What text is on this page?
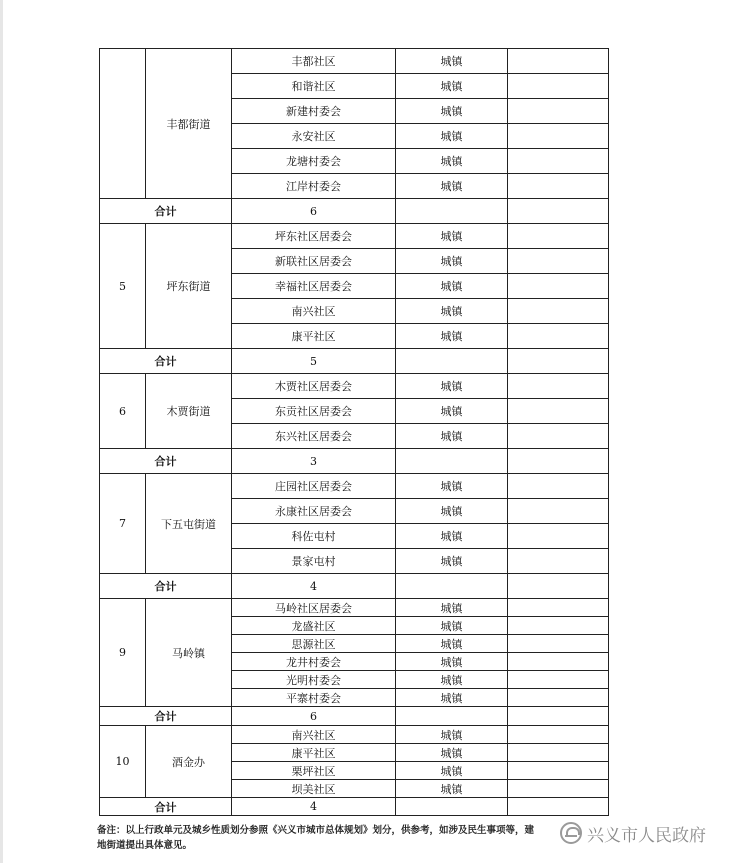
	丰都街道	丰都社区	城镇	
		和谐社区	城镇	
		新建村委会	城镇	
		永安社区	城镇	
		龙塘村委会	城镇	
		江岸村委会	城镇	
合计		6		
5	坪东街道	坪东社区居委会	城镇	
		新联社区居委会	城镇	
		幸福社区居委会	城镇	
		南兴社区	城镇	
		康平社区	城镇	
合计		5		
6	木贾街道	木贾社区居委会	城镇	
		东贡社区居委会	城镇	
		东兴社区居委会	城镇	
合计		3		
7	下五屯街道	庄园社区居委会	城镇	
		永康社区居委会	城镇	
		科佐屯村	城镇	
		景家屯村	城镇	
合计		4		
9	马岭镇	马岭社区居委会	城镇	
		龙盛社区	城镇	
		思源社区	城镇	
		龙井村委会	城镇	
		光明村委会	城镇	
		平寨村委会	城镇	
合计		6		
10	酒金办	南兴社区	城镇	
		康平社区	城镇	
		栗坪社区	城镇	
		坝美社区	城镇	
合计		4		
备注：以上行政单元及城乡性质划分参照《兴义市城市总体规划》划分，供参考，如涉及民生事项等，建
地街道提出具体意见。	兴义市人民政府
